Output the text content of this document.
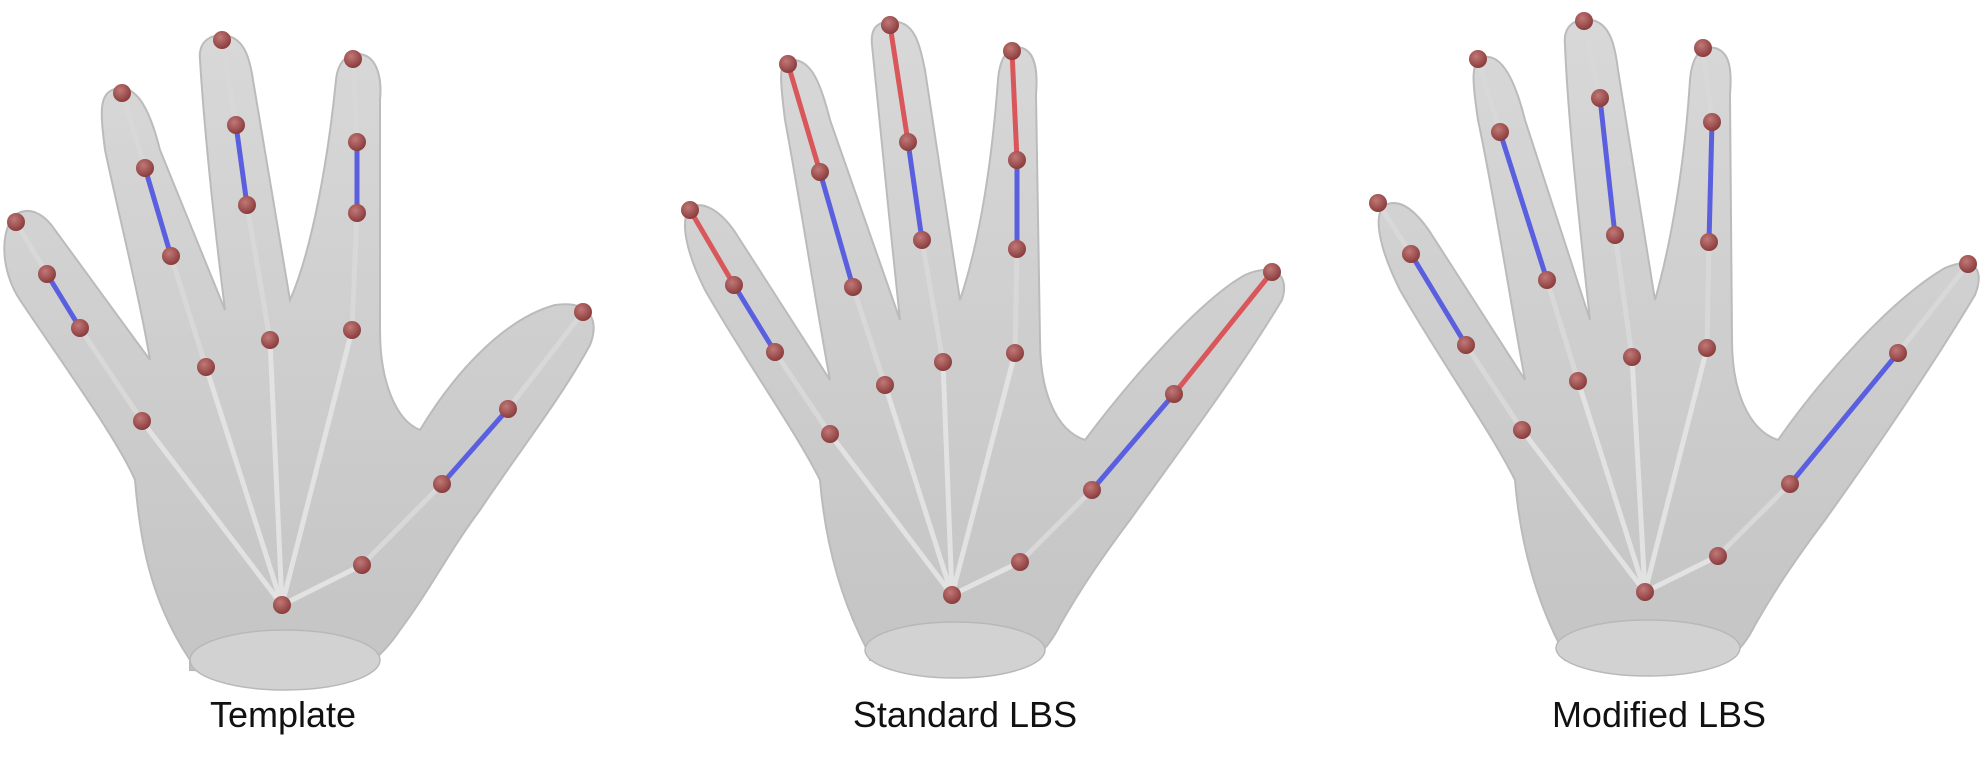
Template	Standard LBS	Modified LBS
